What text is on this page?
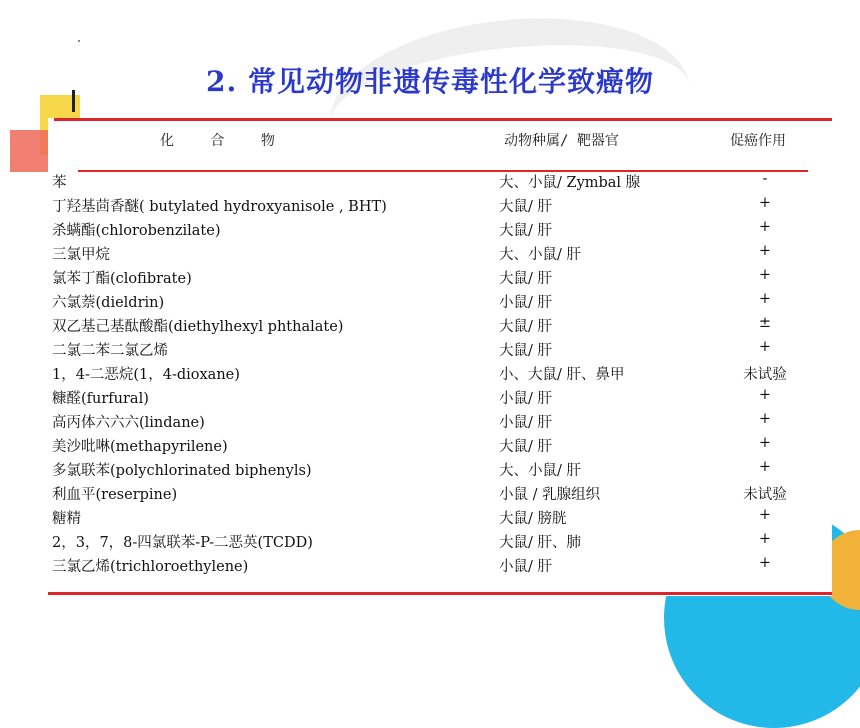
2. 常见动物非遗传毒性化学致癌物
化 合 物	动物种属/ 靶器官	促癌作用
苯	大、小鼠/ Zymbal 腺	-
丁羟基茴香醚( butylated hydroxyanisole , BHT)	大鼠/ 肝	+
杀螨酯(chlorobenzilate)	大鼠/ 肝	+
三氯甲烷	大、小鼠/ 肝	+
氯苯丁酯(clofibrate)	大鼠/ 肝	+
六氯萘(dieldrin)	小鼠/ 肝	+
双乙基己基酞酸酯(diethylhexyl phthalate)	大鼠/ 肝	±
二氯二苯二氯乙烯	大鼠/ 肝	+
1，4-二恶烷(1，4-dioxane)	小、大鼠/ 肝、鼻甲	未试验
糠醛(furfural)	小鼠/ 肝	+
高丙体六六六(lindane)	小鼠/ 肝	+
美沙吡啉(methapyrilene)	大鼠/ 肝	+
多氯联苯(polychlorinated biphenyls)	大、小鼠/ 肝	+
利血平(reserpine)	小鼠 / 乳腺组织	未试验
糖精	大鼠/ 膀胱	+
2，3，7，8-四氯联苯-P-二恶英(TCDD)	大鼠/ 肝、肺	+
三氯乙烯(trichloroethylene)	小鼠/ 肝	+
